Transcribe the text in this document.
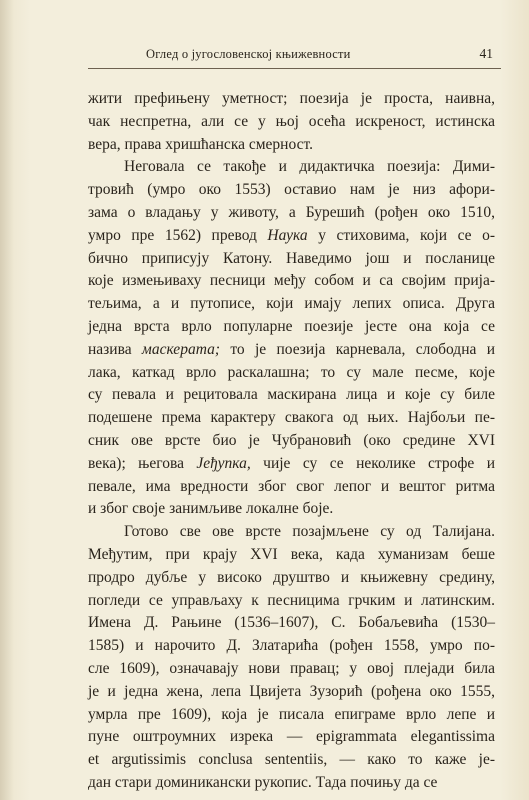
Оглед о југословенској књижевности	41
жити префињену уметност; поезија је проста, наивна,
чак неспретна, али се у њој осећа искреност, истинска
вера, права хришћанска смерност.
Неговала се такође и дидактичка поезија: Дими-
тровић (умро око 1553) оставио нам је низ афори-
зама о владању у животу, а Бурешић (рођен око 1510,
умро пре 1562) превод Наука у стиховима, који се о-
бично приписују Катону. Наведимо још и посланице
које измењиваху песници међу собом и са својим прија-
тељима, а и путописе, који имају лепих описа. Друга
једна врста врло популарне поезије јесте она која се
назива маскерата; то је поезија карневала, слободна и
лака, каткад врло раскалашна; то су мале песме, које
су певала и рецитовала маскирана лица и које су биле
подешене према карактеру свакога од њих. Најбољи пе-
сник ове врсте био је Чубрановић (око средине XVI
века); његова Јеђупка, чије су се неколике строфе и
певале, има вредности због свог лепог и вештог ритма
и због своје занимљиве локалне боје.
Готово све ове врсте позајмљене су од Талијана.
Међутим, при крају XVI века, када хуманизам беше
продро дубље у високо друштво и књижевну средину,
погледи се управљаху к песницима грчким и латинским.
Имена Д. Рањине (1536–1607), С. Бобаљевића (1530–
1585) и нарочито Д. Златарића (рођен 1558, умро по-
сле 1609), означавају нови правац; у овој плејади била
је и једна жена, лепа Цвијета Зузорић (рођена око 1555,
умрла пре 1609), која је писала епиграме врло лепе и
пуне оштроумних изрека — epigrammata elegantissima
et argutissimis conclusa sententiis, — како то каже је-
дан стари доминикански рукопис. Тада почињу да се
